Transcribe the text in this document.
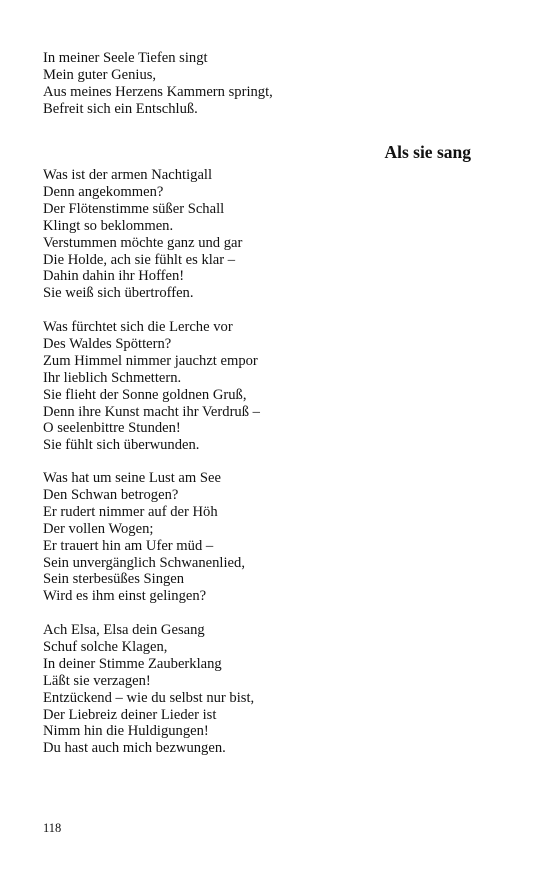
In meiner Seele Tiefen singt
Mein guter Genius,
Aus meines Herzens Kammern springt,
Befreit sich ein Entschluß.
Als sie sang
Was ist der armen Nachtigall
Denn angekommen?
Der Flötenstimme süßer Schall
Klingt so beklommen.
Verstummen möchte ganz und gar
Die Holde, ach sie fühlt es klar –
Dahin dahin ihr Hoffen!
Sie weiß sich übertroffen.
Was fürchtet sich die Lerche vor
Des Waldes Spöttern?
Zum Himmel nimmer jauchzt empor
Ihr lieblich Schmettern.
Sie flieht der Sonne goldnen Gruß,
Denn ihre Kunst macht ihr Verdruß –
O seelenbittre Stunden!
Sie fühlt sich überwunden.
Was hat um seine Lust am See
Den Schwan betrogen?
Er rudert nimmer auf der Höh
Der vollen Wogen;
Er trauert hin am Ufer müd –
Sein unvergänglich Schwanenlied,
Sein sterbesüßes Singen
Wird es ihm einst gelingen?
Ach Elsa, Elsa dein Gesang
Schuf solche Klagen,
In deiner Stimme Zauberklang
Läßt sie verzagen!
Entzückend – wie du selbst nur bist,
Der Liebreiz deiner Lieder ist
Nimm hin die Huldigungen!
Du hast auch mich bezwungen.
118
